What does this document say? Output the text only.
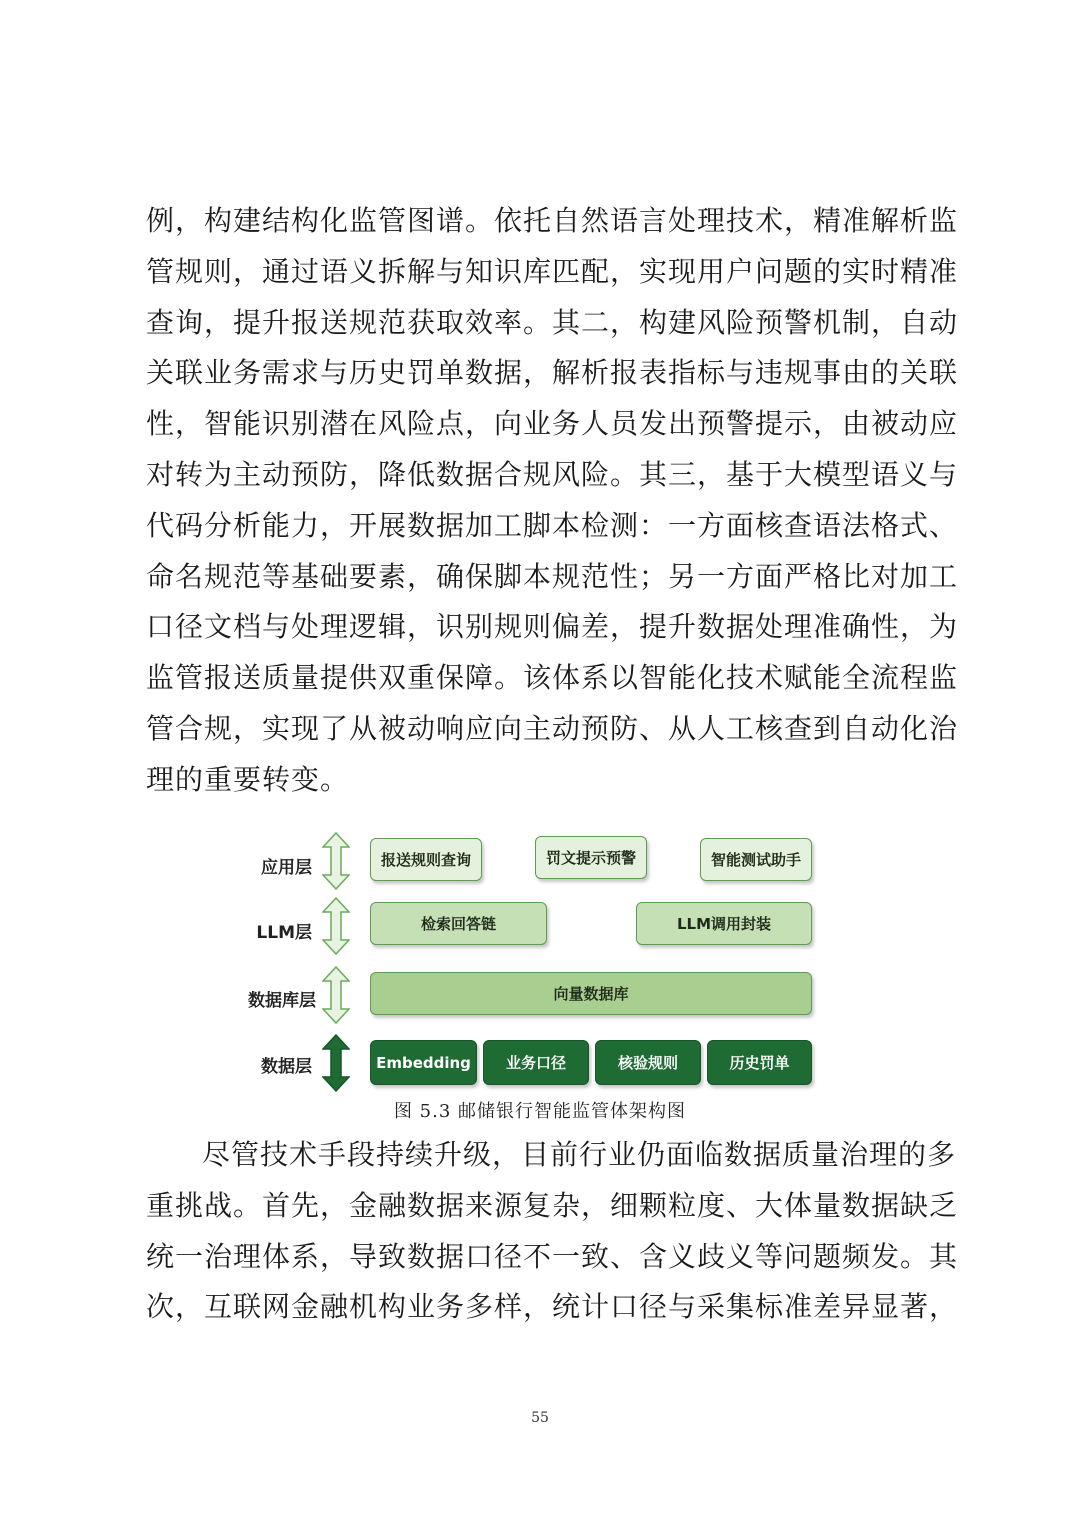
例，构建结构化监管图谱。依托自然语言处理技术，精准解析监
管规则，通过语义拆解与知识库匹配，实现用户问题的实时精准
查询，提升报送规范获取效率。其二，构建风险预警机制，自动
关联业务需求与历史罚单数据，解析报表指标与违规事由的关联
性，智能识别潜在风险点，向业务人员发出预警提示，由被动应
对转为主动预防，降低数据合规风险。其三，基于大模型语义与
代码分析能力，开展数据加工脚本检测：一方面核查语法格式、
命名规范等基础要素，确保脚本规范性；另一方面严格比对加工
口径文档与处理逻辑，识别规则偏差，提升数据处理准确性，为
监管报送质量提供双重保障。该体系以智能化技术赋能全流程监
管合规，实现了从被动响应向主动预防、从人工核查到自动化治
理的重要转变。
应用层
LLM层
数据库层
数据层
报送规则查询	罚文提示预警	智能测试助手
检索回答链	LLM调用封装
向量数据库
Embedding	业务口径	核验规则	历史罚单
图 5.3 邮储银行智能监管体架构图
尽管技术手段持续升级，目前行业仍面临数据质量治理的多
重挑战。首先，金融数据来源复杂，细颗粒度、大体量数据缺乏
统一治理体系，导致数据口径不一致、含义歧义等问题频发。其
次，互联网金融机构业务多样，统计口径与采集标准差异显著，
55
